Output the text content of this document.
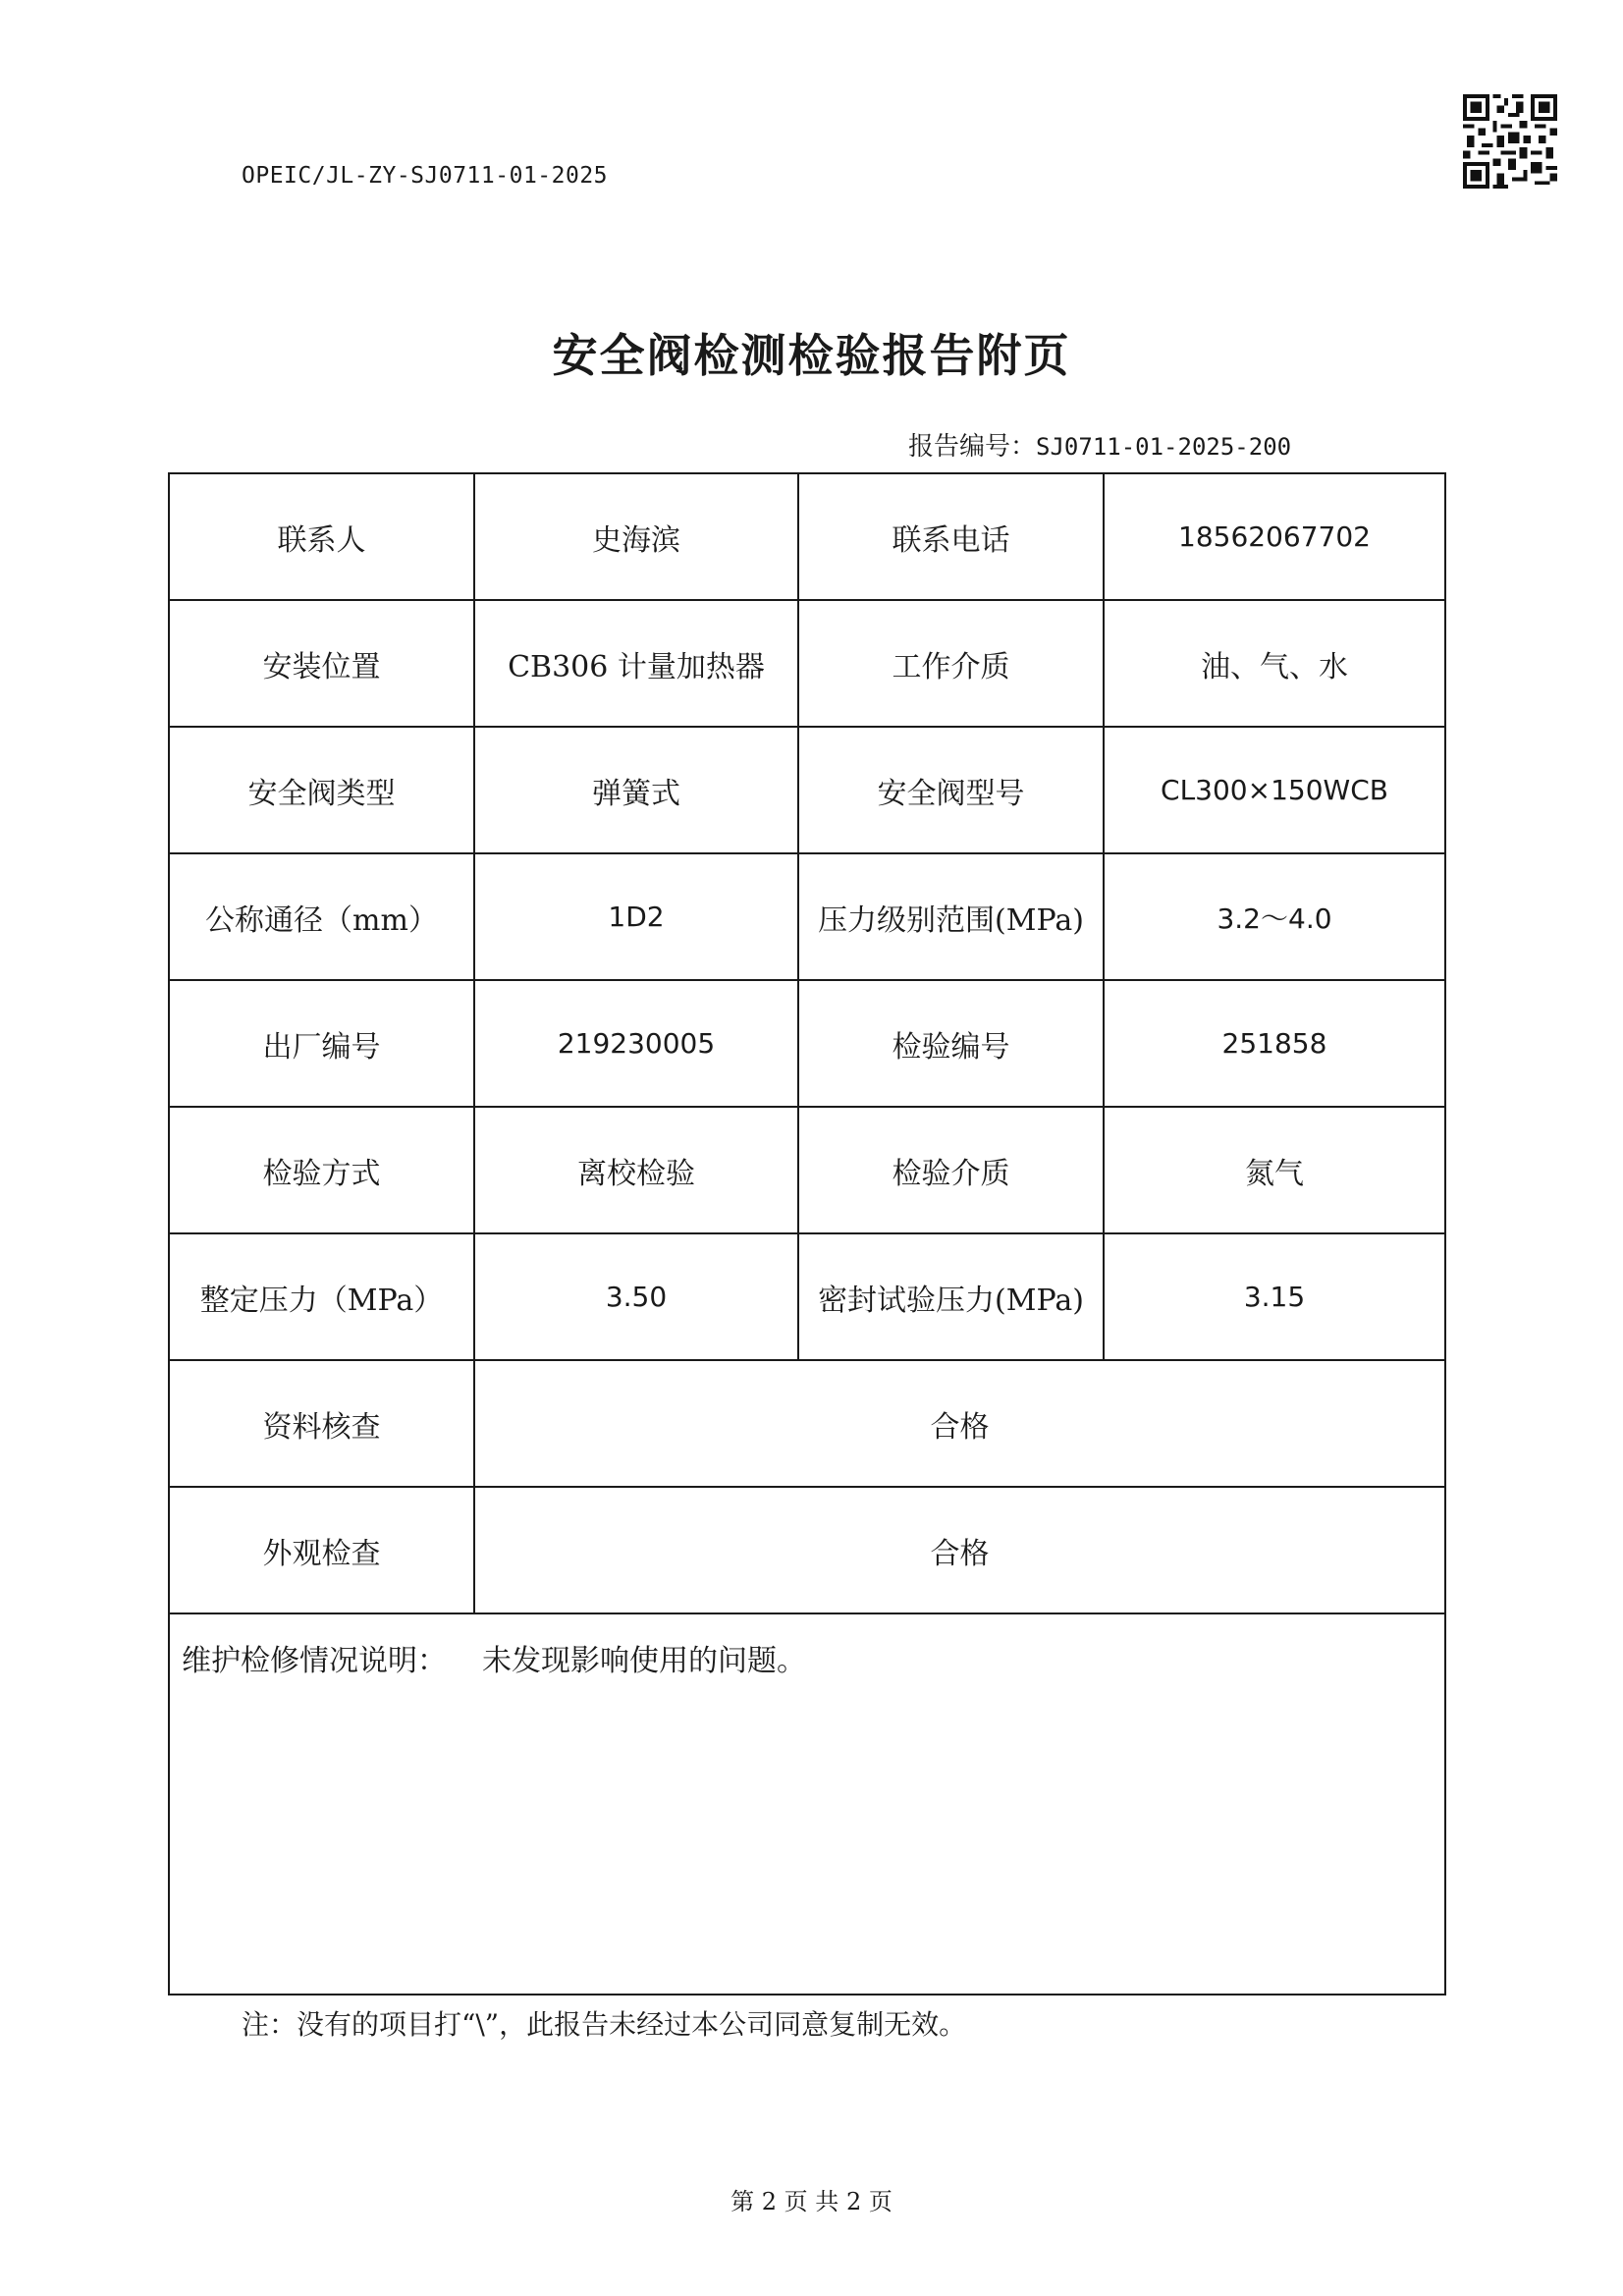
OPEIC/JL-ZY-SJ0711-01-2025
安全阀检测检验报告附页
报告编号：SJ0711-01-2025-200
联系人	史海滨	联系电话	18562067702
安装位置	CB306 计量加热器	工作介质	油、气、水
安全阀类型	弹簧式	安全阀型号	CL300×150WCB
公称通径（mm）	1D2	压力级别范围(MPa)	3.2～4.0
出厂编号	219230005	检验编号	251858
检验方式	离校检验	检验介质	氮气
整定压力（MPa）	3.50	密封试验压力(MPa)	3.15
资料核查	合格		
外观检查	合格		
维护检修情况说明： 未发现影响使用的问题。			
注：没有的项目打“\”，此报告未经过本公司同意复制无效。
第 2 页 共 2 页
